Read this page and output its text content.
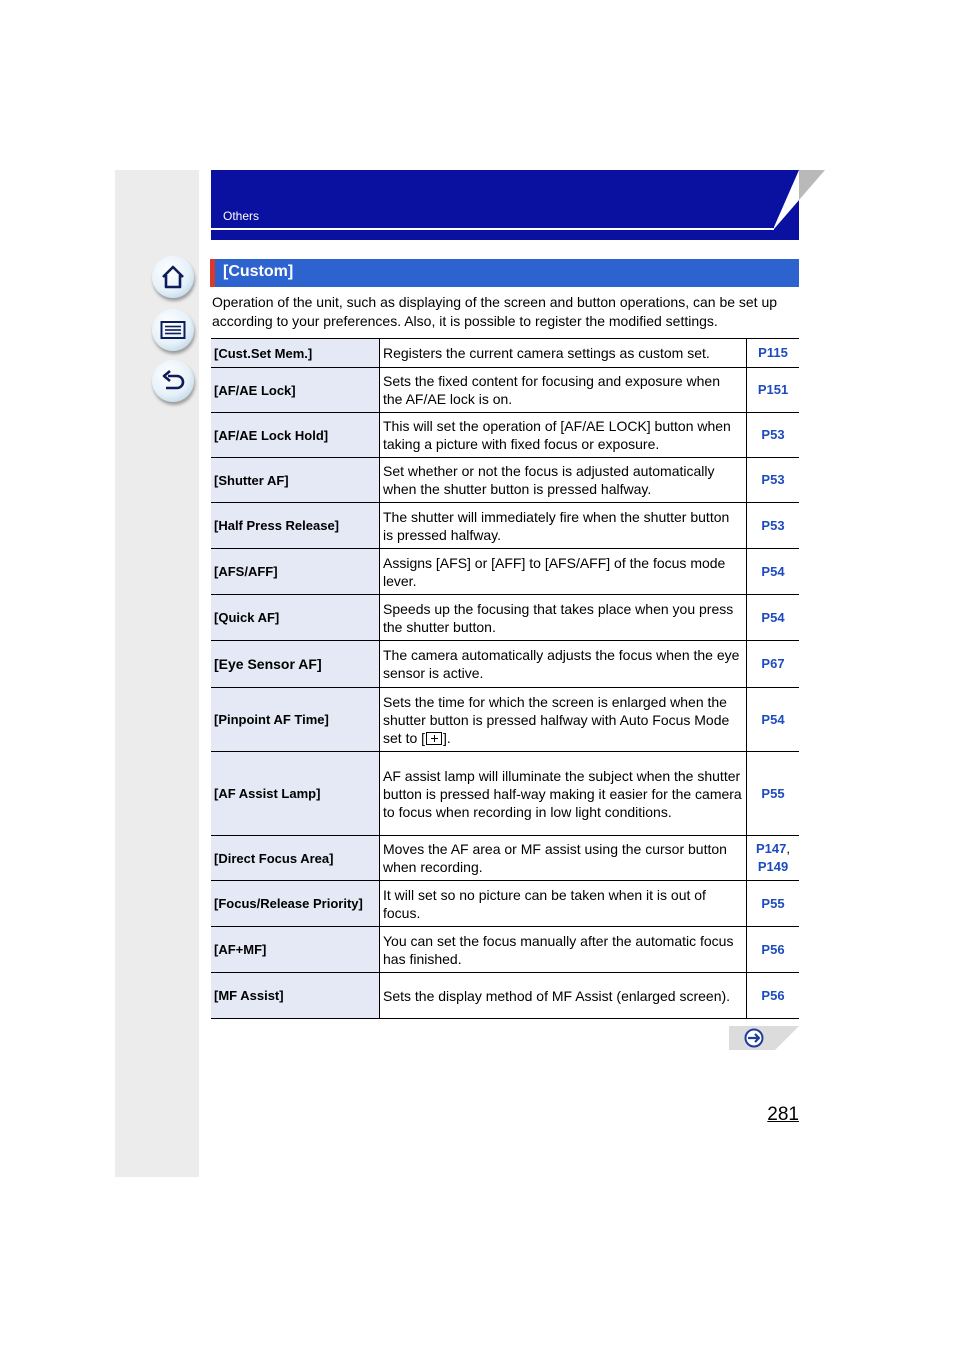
Others
[Custom]
Operation of the unit, such as displaying of the screen and button operations, can be set up according to your preferences. Also, it is possible to register the modified settings.
[Cust.Set Mem.]	Registers the current camera settings as custom set.	P115
[AF/AE Lock]	Sets the fixed content for focusing and exposure when the AF/AE lock is on.	P151
[AF/AE Lock Hold]	This will set the operation of [AF/AE LOCK] button when taking a picture with fixed focus or exposure.	P53
[Shutter AF]	Set whether or not the focus is adjusted automatically when the shutter button is pressed halfway.	P53
[Half Press Release]	The shutter will immediately fire when the shutter button is pressed halfway.	P53
[AFS/AFF]	Assigns [AFS] or [AFF] to [AFS/AFF] of the focus mode lever.	P54
[Quick AF]	Speeds up the focusing that takes place when you press the shutter button.	P54
[Eye Sensor AF]	The camera automatically adjusts the focus when the eye sensor is active.	P67
[Pinpoint AF Time]	Sets the time for which the screen is enlarged when the shutter button is pressed halfway with Auto Focus Mode set to [ ].	P54
[AF Assist Lamp]	AF assist lamp will illuminate the subject when the shutter button is pressed half-way making it easier for the camera to focus when recording in low light conditions.	P55
[Direct Focus Area]	Moves the AF area or MF assist using the cursor button when recording.	P147,
P149
[Focus/Release Priority]	It will set so no picture can be taken when it is out of focus.	P55
[AF+MF]	You can set the focus manually after the automatic focus has finished.	P56
[MF Assist]	Sets the display method of MF Assist (enlarged screen).	P56
281
